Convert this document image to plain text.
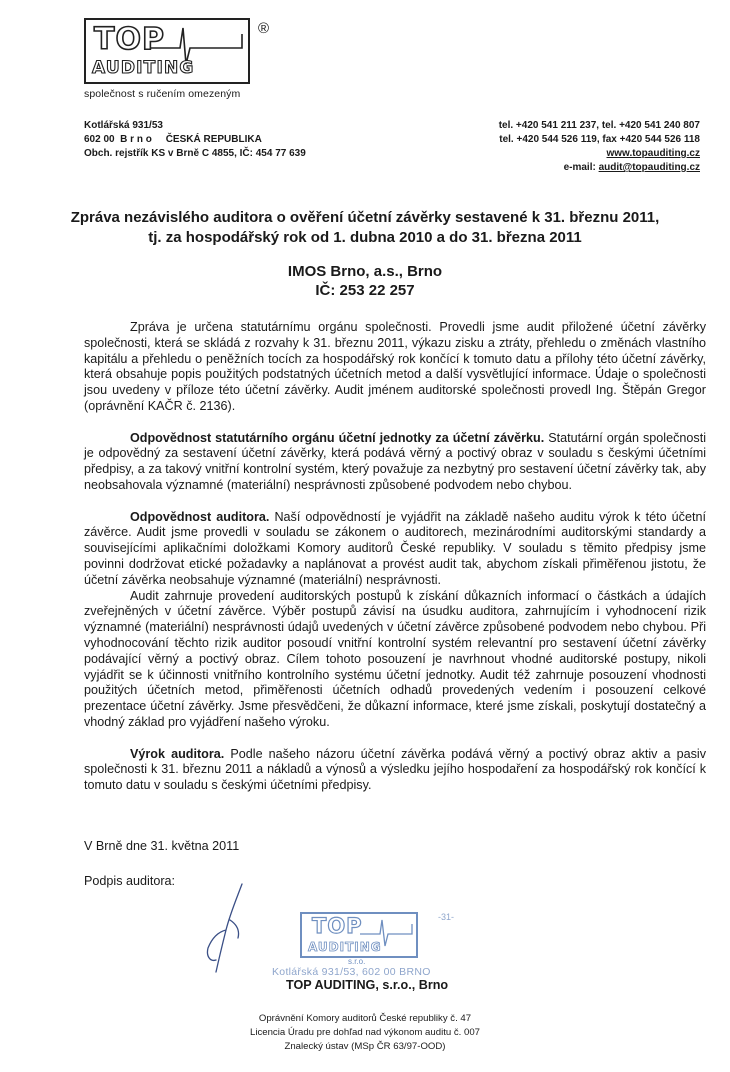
TOP
AUDITING
®
společnost s ručením omezeným
Kotlářská 931/53
602 00  B r n o     ČESKÁ REPUBLIKA
Obch. rejstřík KS v Brně C 4855, IČ: 454 77 639
tel. +420 541 211 237, tel. +420 541 240 807
tel. +420 544 526 119, fax +420 544 526 118
www.topauditing.cz
e-mail: audit@topauditing.cz
Zpráva nezávislého auditora o ověření účetní závěrky sestavené k 31. březnu 2011,
tj. za hospodářský rok od 1. dubna 2010 a do 31. března 2011
IMOS Brno, a.s., Brno
IČ: 253 22 257

Zpráva je určena statutárnímu orgánu společnosti. Provedli jsme audit přiložené účetní závěrky společnosti, která se skládá z rozvahy k 31. březnu 2011, výkazu zisku a ztráty, přehledu o změnách vlastního kapitálu a přehledu o peněžních tocích za hospodářský rok končící k tomuto datu a přílohy této účetní závěrky, která obsahuje popis použitých podstatných účetních metod a další vysvětlující informace. Údaje o společnosti jsou uvedeny v příloze této účetní závěrky. Audit jménem auditorské společnosti provedl Ing. Štěpán Gregor (oprávnění KAČR č. 2136).

Odpovědnost statutárního orgánu účetní jednotky za účetní závěrku. Statutární orgán společnosti je odpovědný za sestavení účetní závěrky, která podává věrný a poctivý obraz v souladu s českými účetními předpisy, a za takový vnitřní kontrolní systém, který považuje za nezbytný pro sestavení účetní závěrky tak, aby neobsahovala významné (materiální) nesprávnosti způsobené podvodem nebo chybou.

Odpovědnost auditora. Naší odpovědností je vyjádřit na základě našeho auditu výrok k této účetní závěrce. Audit jsme provedli v souladu se zákonem o auditorech, mezinárodními auditorskými standardy a souvisejícími aplikačními doložkami Komory auditorů České republiky. V souladu s těmito předpisy jsme povinni dodržovat etické požadavky a naplánovat a provést audit tak, abychom získali přiměřenou jistotu, že účetní závěrka neobsahuje významné (materiální) nesprávnosti.

Audit zahrnuje provedení auditorských postupů k získání důkazních informací o částkách a údajích zveřejněných v účetní závěrce. Výběr postupů závisí na úsudku auditora, zahrnujícím i vyhodnocení rizik významné (materiální) nesprávnosti údajů uvedených v účetní závěrce způsobené podvodem nebo chybou. Při vyhodnocování těchto rizik auditor posoudí vnitřní kontrolní systém relevantní pro sestavení účetní závěrky podávající věrný a poctivý obraz. Cílem tohoto posouzení je navrhnout vhodné auditorské postupy, nikoli vyjádřit se k účinnosti vnitřního kontrolního systému účetní jednotky. Audit též zahrnuje posouzení vhodnosti použitých účetních metod, přiměřenosti účetních odhadů provedených vedením i posouzení celkové prezentace účetní závěrky. Jsme přesvědčeni, že důkazní informace, které jsme získali, poskytují dostatečný a vhodný základ pro vyjádření našeho výroku.

Výrok auditora. Podle našeho názoru účetní závěrka podává věrný a poctivý obraz aktiv a pasiv společnosti k 31. březnu 2011 a nákladů a výnosů a výsledku jejího hospodaření za hospodářský rok končící k tomuto datu v souladu s českými účetními předpisy.

V Brně dne 31. května 2011
Podpis auditora:
TOP
AUDITING
-31-
s.r.o.
Kotlářská 931/53, 602 00 BRNO
TOP AUDITING, s.r.o., Brno
Oprávnění Komory auditorů České republiky č. 47
Licencia Úradu pre dohľad nad výkonom auditu č. 007
Znalecký ústav (MSp ČR 63/97-OOD)
